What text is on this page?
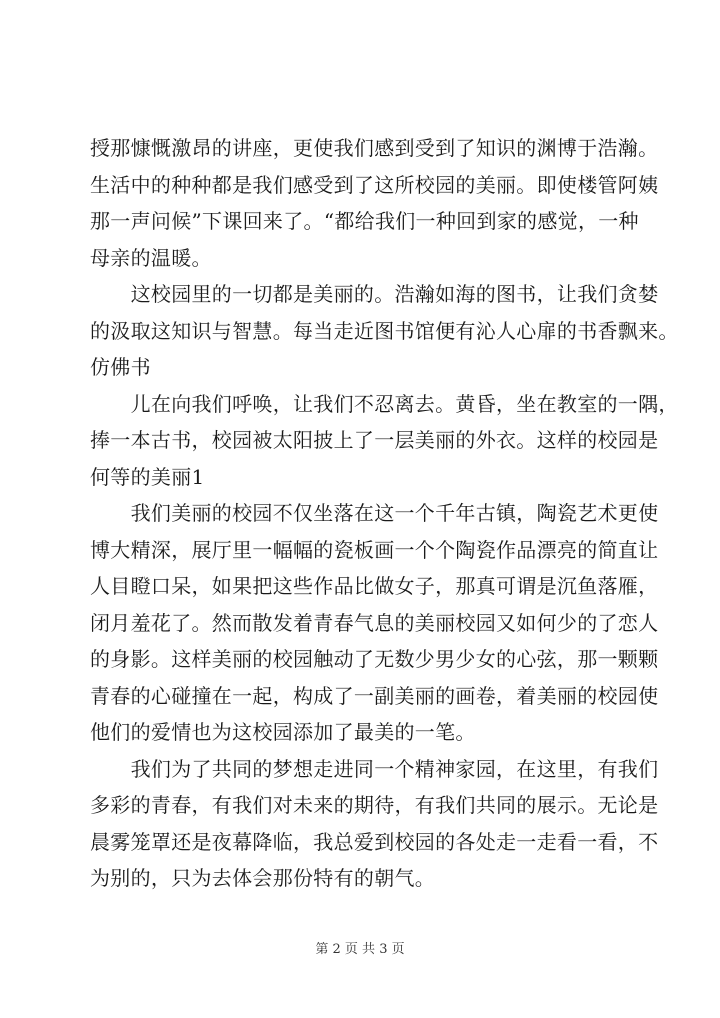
授那慷慨激昂的讲座，更使我们感到受到了知识的渊博于浩瀚。
生活中的种种都是我们感受到了这所校园的美丽。即使楼管阿姨
那一声问候”下课回来了。“都给我们一种回到家的感觉，一种
母亲的温暖。
　　这校园里的一切都是美丽的。浩瀚如海的图书，让我们贪婪
的汲取这知识与智慧。每当走近图书馆便有沁人心扉的书香飘来。
仿佛书
　　儿在向我们呼唤，让我们不忍离去。黄昏，坐在教室的一隅，
捧一本古书，校园被太阳披上了一层美丽的外衣。这样的校园是
何等的美丽1
　　我们美丽的校园不仅坐落在这一个千年古镇，陶瓷艺术更使
博大精深，展厅里一幅幅的瓷板画一个个陶瓷作品漂亮的简直让
人目瞪口呆，如果把这些作品比做女子，那真可谓是沉鱼落雁，
闭月羞花了。然而散发着青春气息的美丽校园又如何少的了恋人
的身影。这样美丽的校园触动了无数少男少女的心弦，那一颗颗
青春的心碰撞在一起，构成了一副美丽的画卷，着美丽的校园使
他们的爱情也为这校园添加了最美的一笔。
　　我们为了共同的梦想走进同一个精神家园，在这里，有我们
多彩的青春，有我们对未来的期待，有我们共同的展示。无论是
晨雾笼罩还是夜幕降临，我总爱到校园的各处走一走看一看，不
为别的，只为去体会那份特有的朝气。
第 2 页 共 3 页
